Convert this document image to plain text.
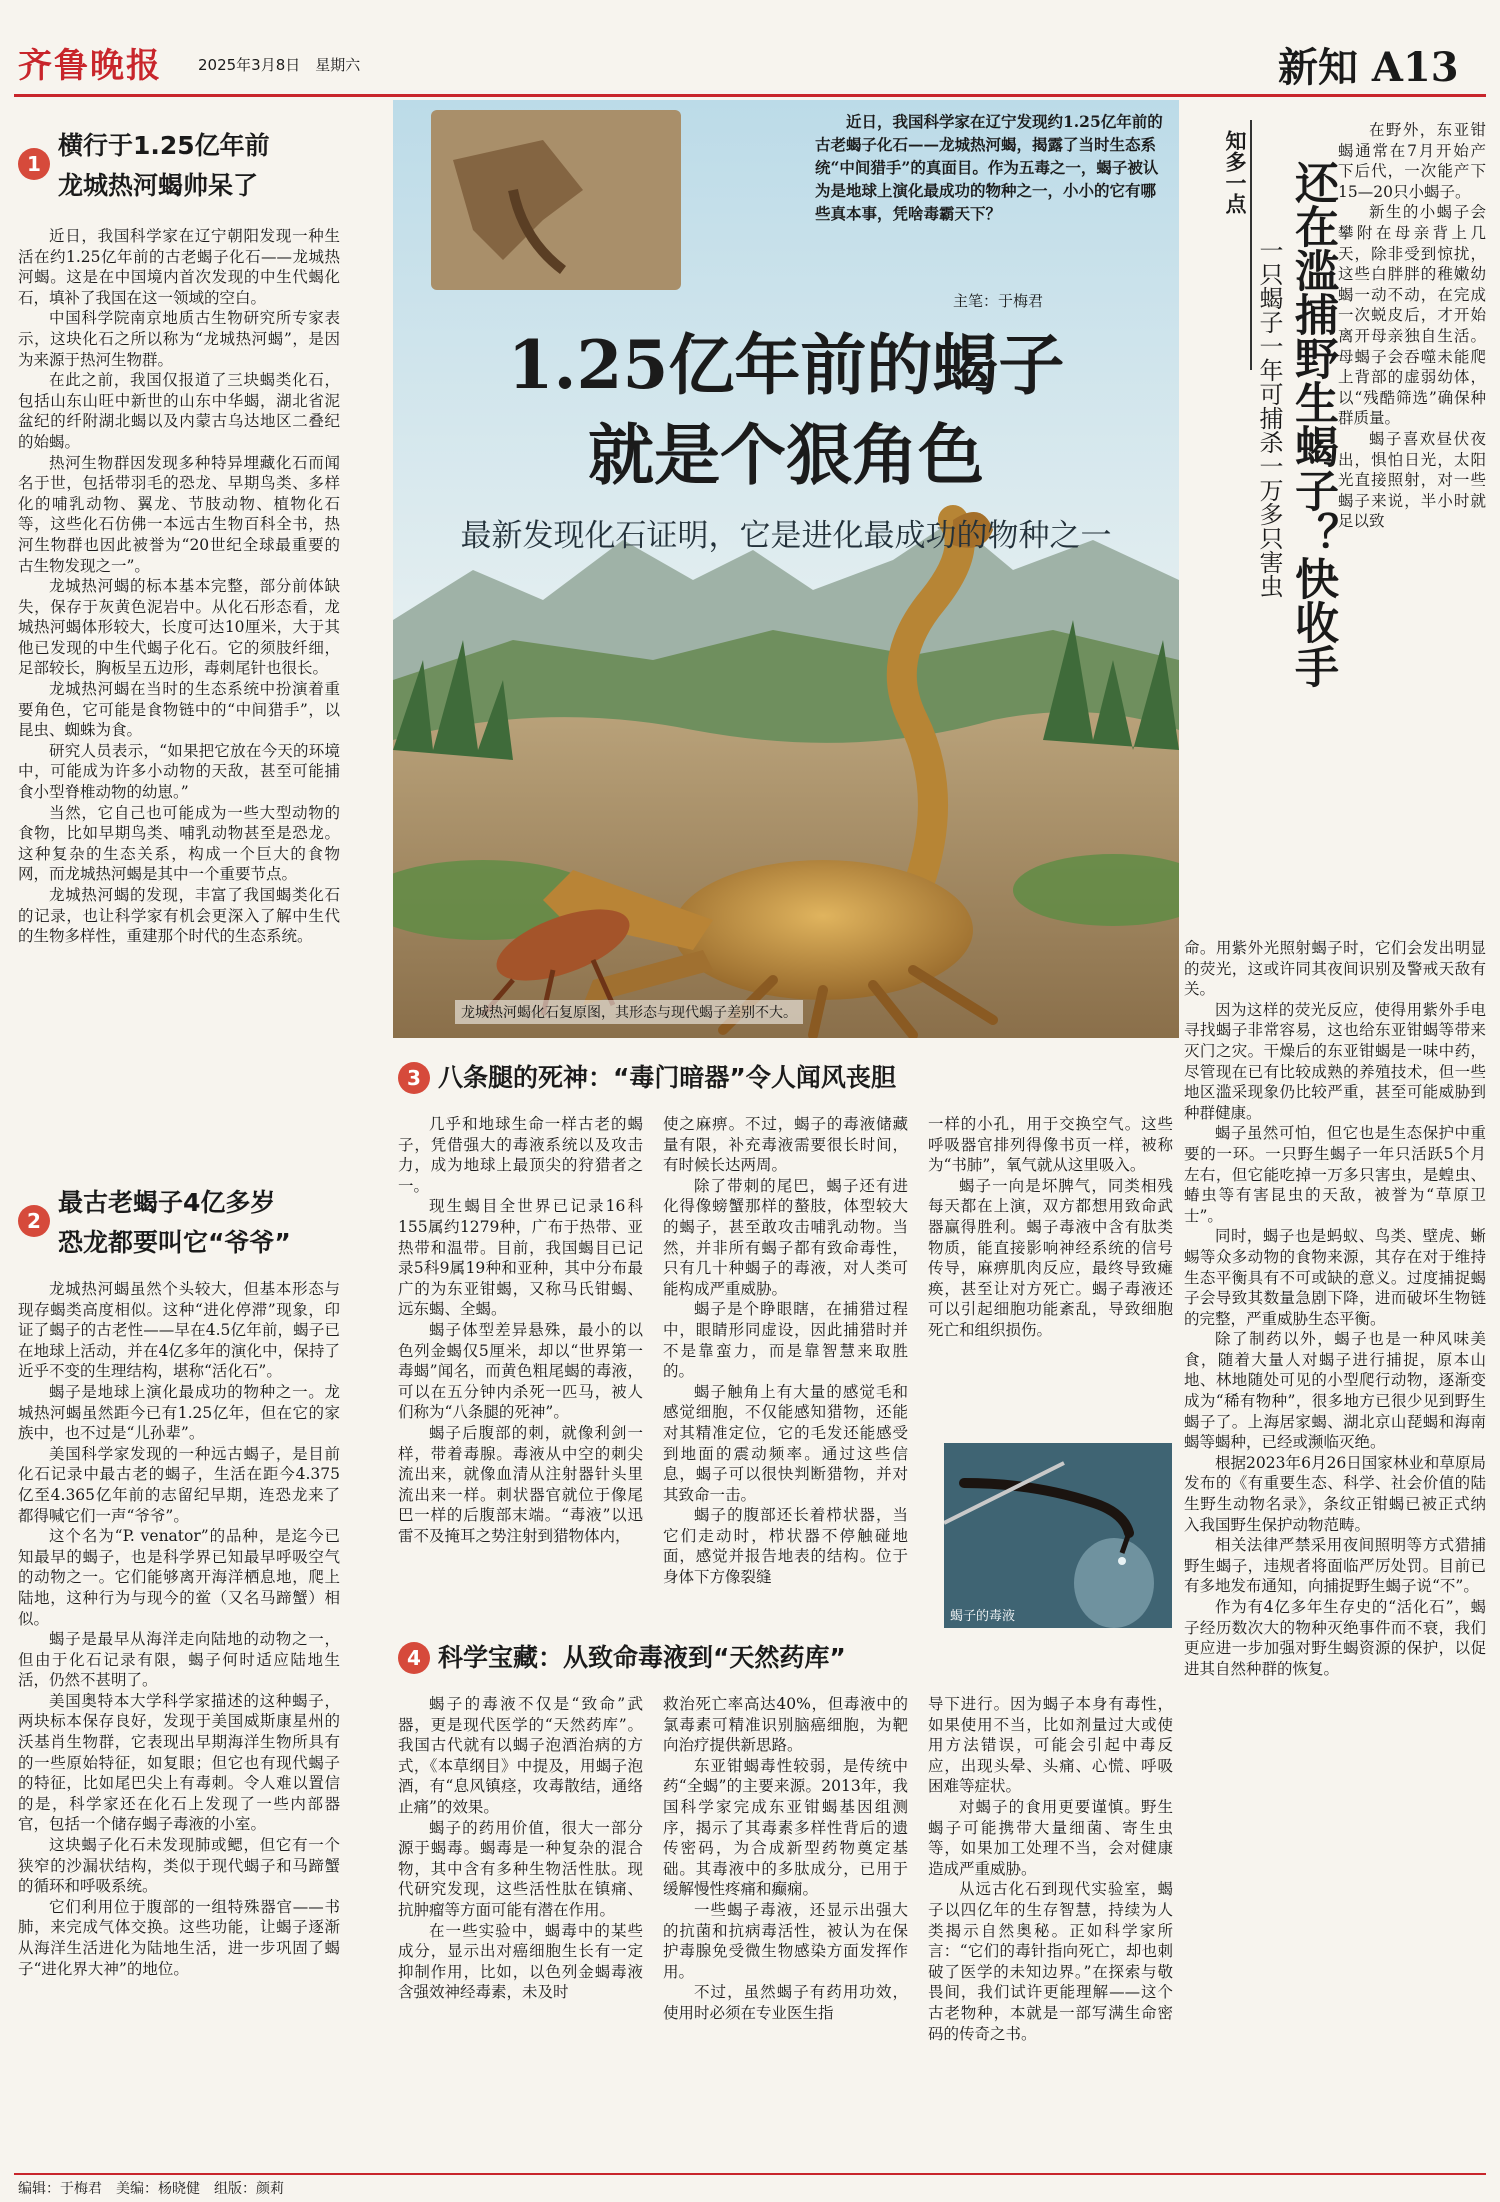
齐鲁晚报 2025年3月8日　星期六	新知 A13
1
横行于1.25亿年前
龙城热河蝎帅呆了

近日，我国科学家在辽宁朝阳发现一种生活在约1.25亿年前的古老蝎子化石——龙城热河蝎。这是在中国境内首次发现的中生代蝎化石，填补了我国在这一领域的空白。

中国科学院南京地质古生物研究所专家表示，这块化石之所以称为“龙城热河蝎”，是因为来源于热河生物群。

在此之前，我国仅报道了三块蝎类化石，包括山东山旺中新世的山东中华蝎，湖北省泥盆纪的纤附湖北蝎以及内蒙古乌达地区二叠纪的始蝎。

热河生物群因发现多种特异埋藏化石而闻名于世，包括带羽毛的恐龙、早期鸟类、多样化的哺乳动物、翼龙、节肢动物、植物化石等，这些化石仿佛一本远古生物百科全书，热河生物群也因此被誉为“20世纪全球最重要的古生物发现之一”。

龙城热河蝎的标本基本完整，部分前体缺失，保存于灰黄色泥岩中。从化石形态看，龙城热河蝎体形较大，长度可达10厘米，大于其他已发现的中生代蝎子化石。它的须肢纤细，足部较长，胸板呈五边形，毒刺尾针也很长。

龙城热河蝎在当时的生态系统中扮演着重要角色，它可能是食物链中的“中间猎手”，以昆虫、蜘蛛为食。

研究人员表示，“如果把它放在今天的环境中，可能成为许多小动物的天敌，甚至可能捕食小型脊椎动物的幼崽。”

当然，它自己也可能成为一些大型动物的食物，比如早期鸟类、哺乳动物甚至是恐龙。这种复杂的生态关系，构成一个巨大的食物网，而龙城热河蝎是其中一个重要节点。

龙城热河蝎的发现，丰富了我国蝎类化石的记录，也让科学家有机会更深入了解中生代的生物多样性，重建那个时代的生态系统。

2
最古老蝎子4亿多岁
恐龙都要叫它“爷爷”

龙城热河蝎虽然个头较大，但基本形态与现存蝎类高度相似。这种“进化停滞”现象，印证了蝎子的古老性——早在4.5亿年前，蝎子已在地球上活动，并在4亿多年的演化中，保持了近乎不变的生理结构，堪称“活化石”。

蝎子是地球上演化最成功的物种之一。龙城热河蝎虽然距今已有1.25亿年，但在它的家族中，也不过是“儿孙辈”。

美国科学家发现的一种远古蝎子，是目前化石记录中最古老的蝎子，生活在距今4.375亿至4.365亿年前的志留纪早期，连恐龙来了都得喊它们一声“爷爷”。

这个名为“P. venator”的品种，是迄今已知最早的蝎子，也是科学界已知最早呼吸空气的动物之一。它们能够离开海洋栖息地，爬上陆地，这种行为与现今的鲎（又名马蹄蟹）相似。

蝎子是最早从海洋走向陆地的动物之一，但由于化石记录有限，蝎子何时适应陆地生活，仍然不甚明了。

美国奥特本大学科学家描述的这种蝎子，两块标本保存良好，发现于美国威斯康星州的沃基肖生物群，它表现出早期海洋生物所具有的一些原始特征，如复眼；但它也有现代蝎子的特征，比如尾巴尖上有毒刺。令人难以置信的是，科学家还在化石上发现了一些内部器官，包括一个储存蝎子毒液的小室。

这块蝎子化石未发现肺或鳃，但它有一个狭窄的沙漏状结构，类似于现代蝎子和马蹄蟹的循环和呼吸系统。

它们利用位于腹部的一组特殊器官——书肺，来完成气体交换。这些功能，让蝎子逐渐从海洋生活进化为陆地生活，进一步巩固了蝎子“进化界大神”的地位。

近日，我国科学家在辽宁发现约1.25亿年前的古老蝎子化石——龙城热河蝎，揭露了当时生态系统“中间猎手”的真面目。作为五毒之一，蝎子被认为是地球上演化最成功的物种之一，小小的它有哪些真本事，凭啥毒霸天下？
主笔：于梅君
1.25亿年前的蝎子
就是个狠角色
最新发现化石证明，它是进化最成功的物种之一
龙城热河蝎化石复原图，其形态与现代蝎子差别不大。
3 八条腿的死神：“毒门暗器”令人闻风丧胆

几乎和地球生命一样古老的蝎子，凭借强大的毒液系统以及攻击力，成为地球上最顶尖的狩猎者之一。

现生蝎目全世界已记录16科155属约1279种，广布于热带、亚热带和温带。目前，我国蝎目已记录5科9属19种和亚种，其中分布最广的为东亚钳蝎，又称马氏钳蝎、远东蝎、全蝎。

蝎子体型差异悬殊，最小的以色列金蝎仅5厘米，却以“世界第一毒蝎”闻名，而黄色粗尾蝎的毒液，可以在五分钟内杀死一匹马，被人们称为“八条腿的死神”。

蝎子后腹部的刺，就像利剑一样，带着毒腺。毒液从中空的刺尖流出来，就像血清从注射器针头里流出来一样。刺状器官就位于像尾巴一样的后腹部末端。“毒液”以迅雷不及掩耳之势注射到猎物体内，

使之麻痹。不过，蝎子的毒液储藏量有限，补充毒液需要很长时间，有时候长达两周。

除了带刺的尾巴，蝎子还有进化得像螃蟹那样的螯肢，体型较大的蝎子，甚至敢攻击哺乳动物。当然，并非所有蝎子都有致命毒性，只有几十种蝎子的毒液，对人类可能构成严重威胁。

蝎子是个睁眼瞎，在捕猎过程中，眼睛形同虚设，因此捕猎时并不是靠蛮力，而是靠智慧来取胜的。

蝎子触角上有大量的感觉毛和感觉细胞，不仅能感知猎物，还能对其精准定位，它的毛发还能感受到地面的震动频率。通过这些信息，蝎子可以很快判断猎物，并对其致命一击。

蝎子的腹部还长着栉状器，当它们走动时，栉状器不停触碰地面，感觉并报告地表的结构。位于身体下方像裂缝

一样的小孔，用于交换空气。这些呼吸器官排列得像书页一样，被称为“书肺”，氧气就从这里吸入。

蝎子一向是坏脾气，同类相残每天都在上演，双方都想用致命武器赢得胜利。蝎子毒液中含有肽类物质，能直接影响神经系统的信号传导，麻痹肌肉反应，最终导致瘫痪，甚至让对方死亡。蝎子毒液还可以引起细胞功能紊乱，导致细胞死亡和组织损伤。

蝎子的毒液
4 科学宝藏：从致命毒液到“天然药库”

蝎子的毒液不仅是“致命”武器，更是现代医学的“天然药库”。我国古代就有以蝎子泡酒治病的方式，《本草纲目》中提及，用蝎子泡酒，有“息风镇痉，攻毒散结，通络止痛”的效果。

蝎子的药用价值，很大一部分源于蝎毒。蝎毒是一种复杂的混合物，其中含有多种生物活性肽。现代研究发现，这些活性肽在镇痛、抗肿瘤等方面可能有潜在作用。

在一些实验中，蝎毒中的某些成分，显示出对癌细胞生长有一定抑制作用，比如，以色列金蝎毒液含强效神经毒素，未及时

救治死亡率高达40%，但毒液中的氯毒素可精准识别脑癌细胞，为靶向治疗提供新思路。

东亚钳蝎毒性较弱，是传统中药“全蝎”的主要来源。2013年，我国科学家完成东亚钳蝎基因组测序，揭示了其毒素多样性背后的遗传密码，为合成新型药物奠定基础。其毒液中的多肽成分，已用于缓解慢性疼痛和癫痫。

一些蝎子毒液，还显示出强大的抗菌和抗病毒活性，被认为在保护毒腺免受微生物感染方面发挥作用。

不过，虽然蝎子有药用功效，使用时必须在专业医生指

导下进行。因为蝎子本身有毒性，如果使用不当，比如剂量过大或使用方法错误，可能会引起中毒反应，出现头晕、头痛、心慌、呼吸困难等症状。

对蝎子的食用更要谨慎。野生蝎子可能携带大量细菌、寄生虫等，如果加工处理不当，会对健康造成严重威胁。

从远古化石到现代实验室，蝎子以四亿年的生存智慧，持续为人类揭示自然奥秘。正如科学家所言：“它们的毒针指向死亡，却也刺破了医学的未知边界。”在探索与敬畏间，我们试许更能理解——这个古老物种，本就是一部写满生命密码的传奇之书。

知多一点 还在滥捕野生蝎子？快收手
一只蝎子一年可捕杀一万多只害虫

在野外，东亚钳蝎通常在7月开始产下后代，一次能产下15—20只小蝎子。

新生的小蝎子会攀附在母亲背上几天，除非受到惊扰，这些白胖胖的稚嫩幼蝎一动不动，在完成一次蜕皮后，才开始离开母亲独自生活。母蝎子会吞噬未能爬上背部的虚弱幼体，以“残酷筛选”确保种群质量。

蝎子喜欢昼伏夜出，惧怕日光，太阳光直接照射，对一些蝎子来说，半小时就足以致

命。用紫外光照射蝎子时，它们会发出明显的荧光，这或许同其夜间识别及警戒天敌有关。

因为这样的荧光反应，使得用紫外手电寻找蝎子非常容易，这也给东亚钳蝎等带来灭门之灾。干燥后的东亚钳蝎是一味中药，尽管现在已有比较成熟的养殖技术，但一些地区滥采现象仍比较严重，甚至可能威胁到种群健康。

蝎子虽然可怕，但它也是生态保护中重要的一环。一只野生蝎子一年只活跃5个月左右，但它能吃掉一万多只害虫，是蝗虫、蝽虫等有害昆虫的天敌，被誉为“草原卫士”。

同时，蝎子也是蚂蚁、鸟类、壁虎、蜥蜴等众多动物的食物来源，其存在对于维持生态平衡具有不可或缺的意义。过度捕捉蝎子会导致其数量急剧下降，进而破坏生物链的完整，严重威胁生态平衡。

除了制药以外，蝎子也是一种风味美食，随着大量人对蝎子进行捕捉，原本山地、林地随处可见的小型爬行动物，逐渐变成为“稀有物种”，很多地方已很少见到野生蝎子了。上海居家蝎、湖北京山琵蝎和海南蝎等蝎种，已经或濒临灭绝。

根据2023年6月26日国家林业和草原局发布的《有重要生态、科学、社会价值的陆生野生动物名录》，条纹正钳蝎已被正式纳入我国野生保护动物范畴。

相关法律严禁采用夜间照明等方式猎捕野生蝎子，违规者将面临严厉处罚。目前已有多地发布通知，向捕捉野生蝎子说“不”。

作为有4亿多年生存史的“活化石”，蝎子经历数次大的物种灭绝事件而不衰，我们更应进一步加强对野生蝎资源的保护，以促进其自然种群的恢复。

编辑：于梅君　美编：杨晓健　组版：颜莉
